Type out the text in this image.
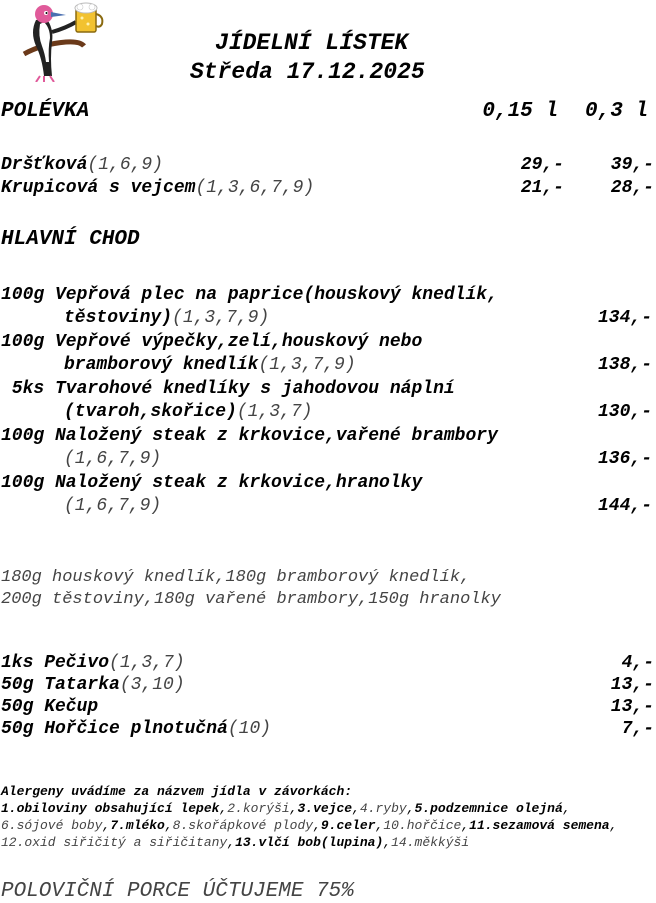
JÍDELNÍ LÍSTEK
Středa 17.12.2025
POLÉVKA	0,15 l 0,3 l
Dršťková(1,6,9)	29,-	39,-
Krupicová s vejcem(1,3,6,7,9)	21,-	28,-
HLAVNÍ CHOD
100g Vepřová plec na paprice(houskový knedlík,
těstoviny)(1,3,7,9)	134,-
100g Vepřové výpečky,zelí,houskový nebo
bramborový knedlík(1,3,7,9)	138,-
5ks Tvarohové knedlíky s jahodovou náplní
(tvaroh,skořice)(1,3,7)	130,-
100g Naložený steak z krkovice,vařené brambory
(1,6,7,9)	136,-
100g Naložený steak z krkovice,hranolky
(1,6,7,9)	144,-
180g houskový knedlík,180g bramborový knedlík,
200g těstoviny,180g vařené brambory,150g hranolky
1ks Pečivo(1,3,7)	4,-
50g Tatarka(3,10)	13,-
50g Kečup	13,-
50g Hořčice plnotučná(10)	7,-
Alergeny uvádíme za názvem jídla v závorkách:
1.obiloviny obsahující lepek,2.korýši,3.vejce,4.ryby,5.podzemnice olejná,
6.sójové boby,7.mléko,8.skořápkové plody,9.celer,10.hořčice,11.sezamová semena,
12.oxid siřičitý a siřičitany,13.vlčí bob(lupina),14.měkkýši
POLOVIČNÍ PORCE ÚČTUJEME 75%
